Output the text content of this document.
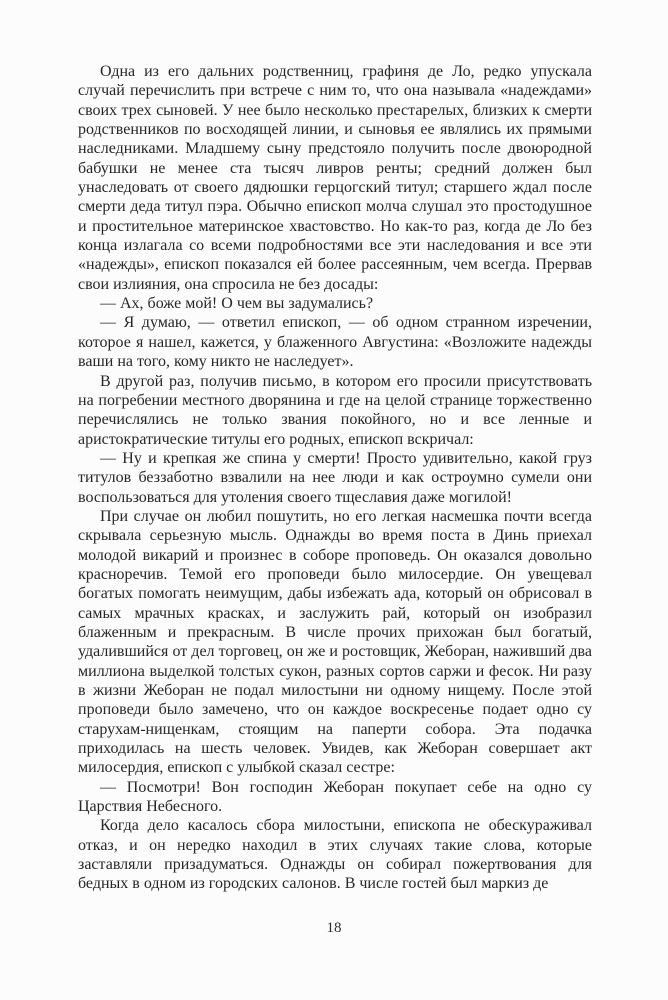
Одна из его дальних родственниц, графиня де Ло, редко упускала случай перечислить при встрече с ним то, что она называла «надеждами» своих трех сыновей. У нее было несколько престарелых, близких к смерти родственников по восходящей линии, и сыновья ее являлись их прямыми наследниками. Младшему сыну предстояло получить после двоюродной бабушки не менее ста тысяч ливров ренты; средний должен был унаследовать от своего дядюшки герцогский титул; старшего ждал после смерти деда титул пэра. Обычно епископ молча слушал это простодушное и простительное материнское хвастовство. Но как-то раз, когда де Ло без конца излагала со всеми подробностями все эти наследования и все эти «надежды», епископ показался ей более рассеянным, чем всегда. Прервав свои излияния, она спросила не без досады:

— Ах, боже мой! О чем вы задумались?

— Я думаю, — ответил епископ, — об одном странном изречении, которое я нашел, кажется, у блаженного Августина: «Возложите надежды ваши на того, кому никто не наследует».

В другой раз, получив письмо, в котором его просили присутствовать на погребении местного дворянина и где на целой странице торжественно перечислялись не только звания покойного, но и все ленные и аристократические титулы его родных, епископ вскричал:

— Ну и крепкая же спина у смерти! Просто удивительно, какой груз титулов беззаботно взвалили на нее люди и как остроумно сумели они воспользоваться для утоления своего тщеславия даже могилой!

При случае он любил пошутить, но его легкая насмешка почти всегда скрывала серьезную мысль. Однажды во время поста в Динь приехал молодой викарий и произнес в соборе проповедь. Он оказался довольно красноречив. Темой его проповеди было милосердие. Он увещевал богатых помогать неимущим, дабы избежать ада, который он обрисовал в самых мрачных красках, и заслужить рай, который он изобразил блаженным и прекрасным. В числе прочих прихожан был богатый, удалившийся от дел торговец, он же и ростовщик, Жеборан, наживший два миллиона выделкой толстых сукон, разных сортов саржи и фесок. Ни разу в жизни Жеборан не подал милостыни ни одному нищему. После этой проповеди было замечено, что он каждое воскресенье подает одно су старухам-нищенкам, стоящим на паперти собора. Эта подачка приходилась на шесть человек. Увидев, как Жеборан совершает акт милосердия, епископ с улыбкой сказал сестре:

— Посмотри! Вон господин Жеборан покупает себе на одно су Царствия Небесного.

Когда дело касалось сбора милостыни, епископа не обескураживал отказ, и он нередко находил в этих случаях такие слова, которые заставляли призадуматься. Однажды он собирал пожертвования для бедных в одном из городских салонов. В числе гостей был маркиз де

18
